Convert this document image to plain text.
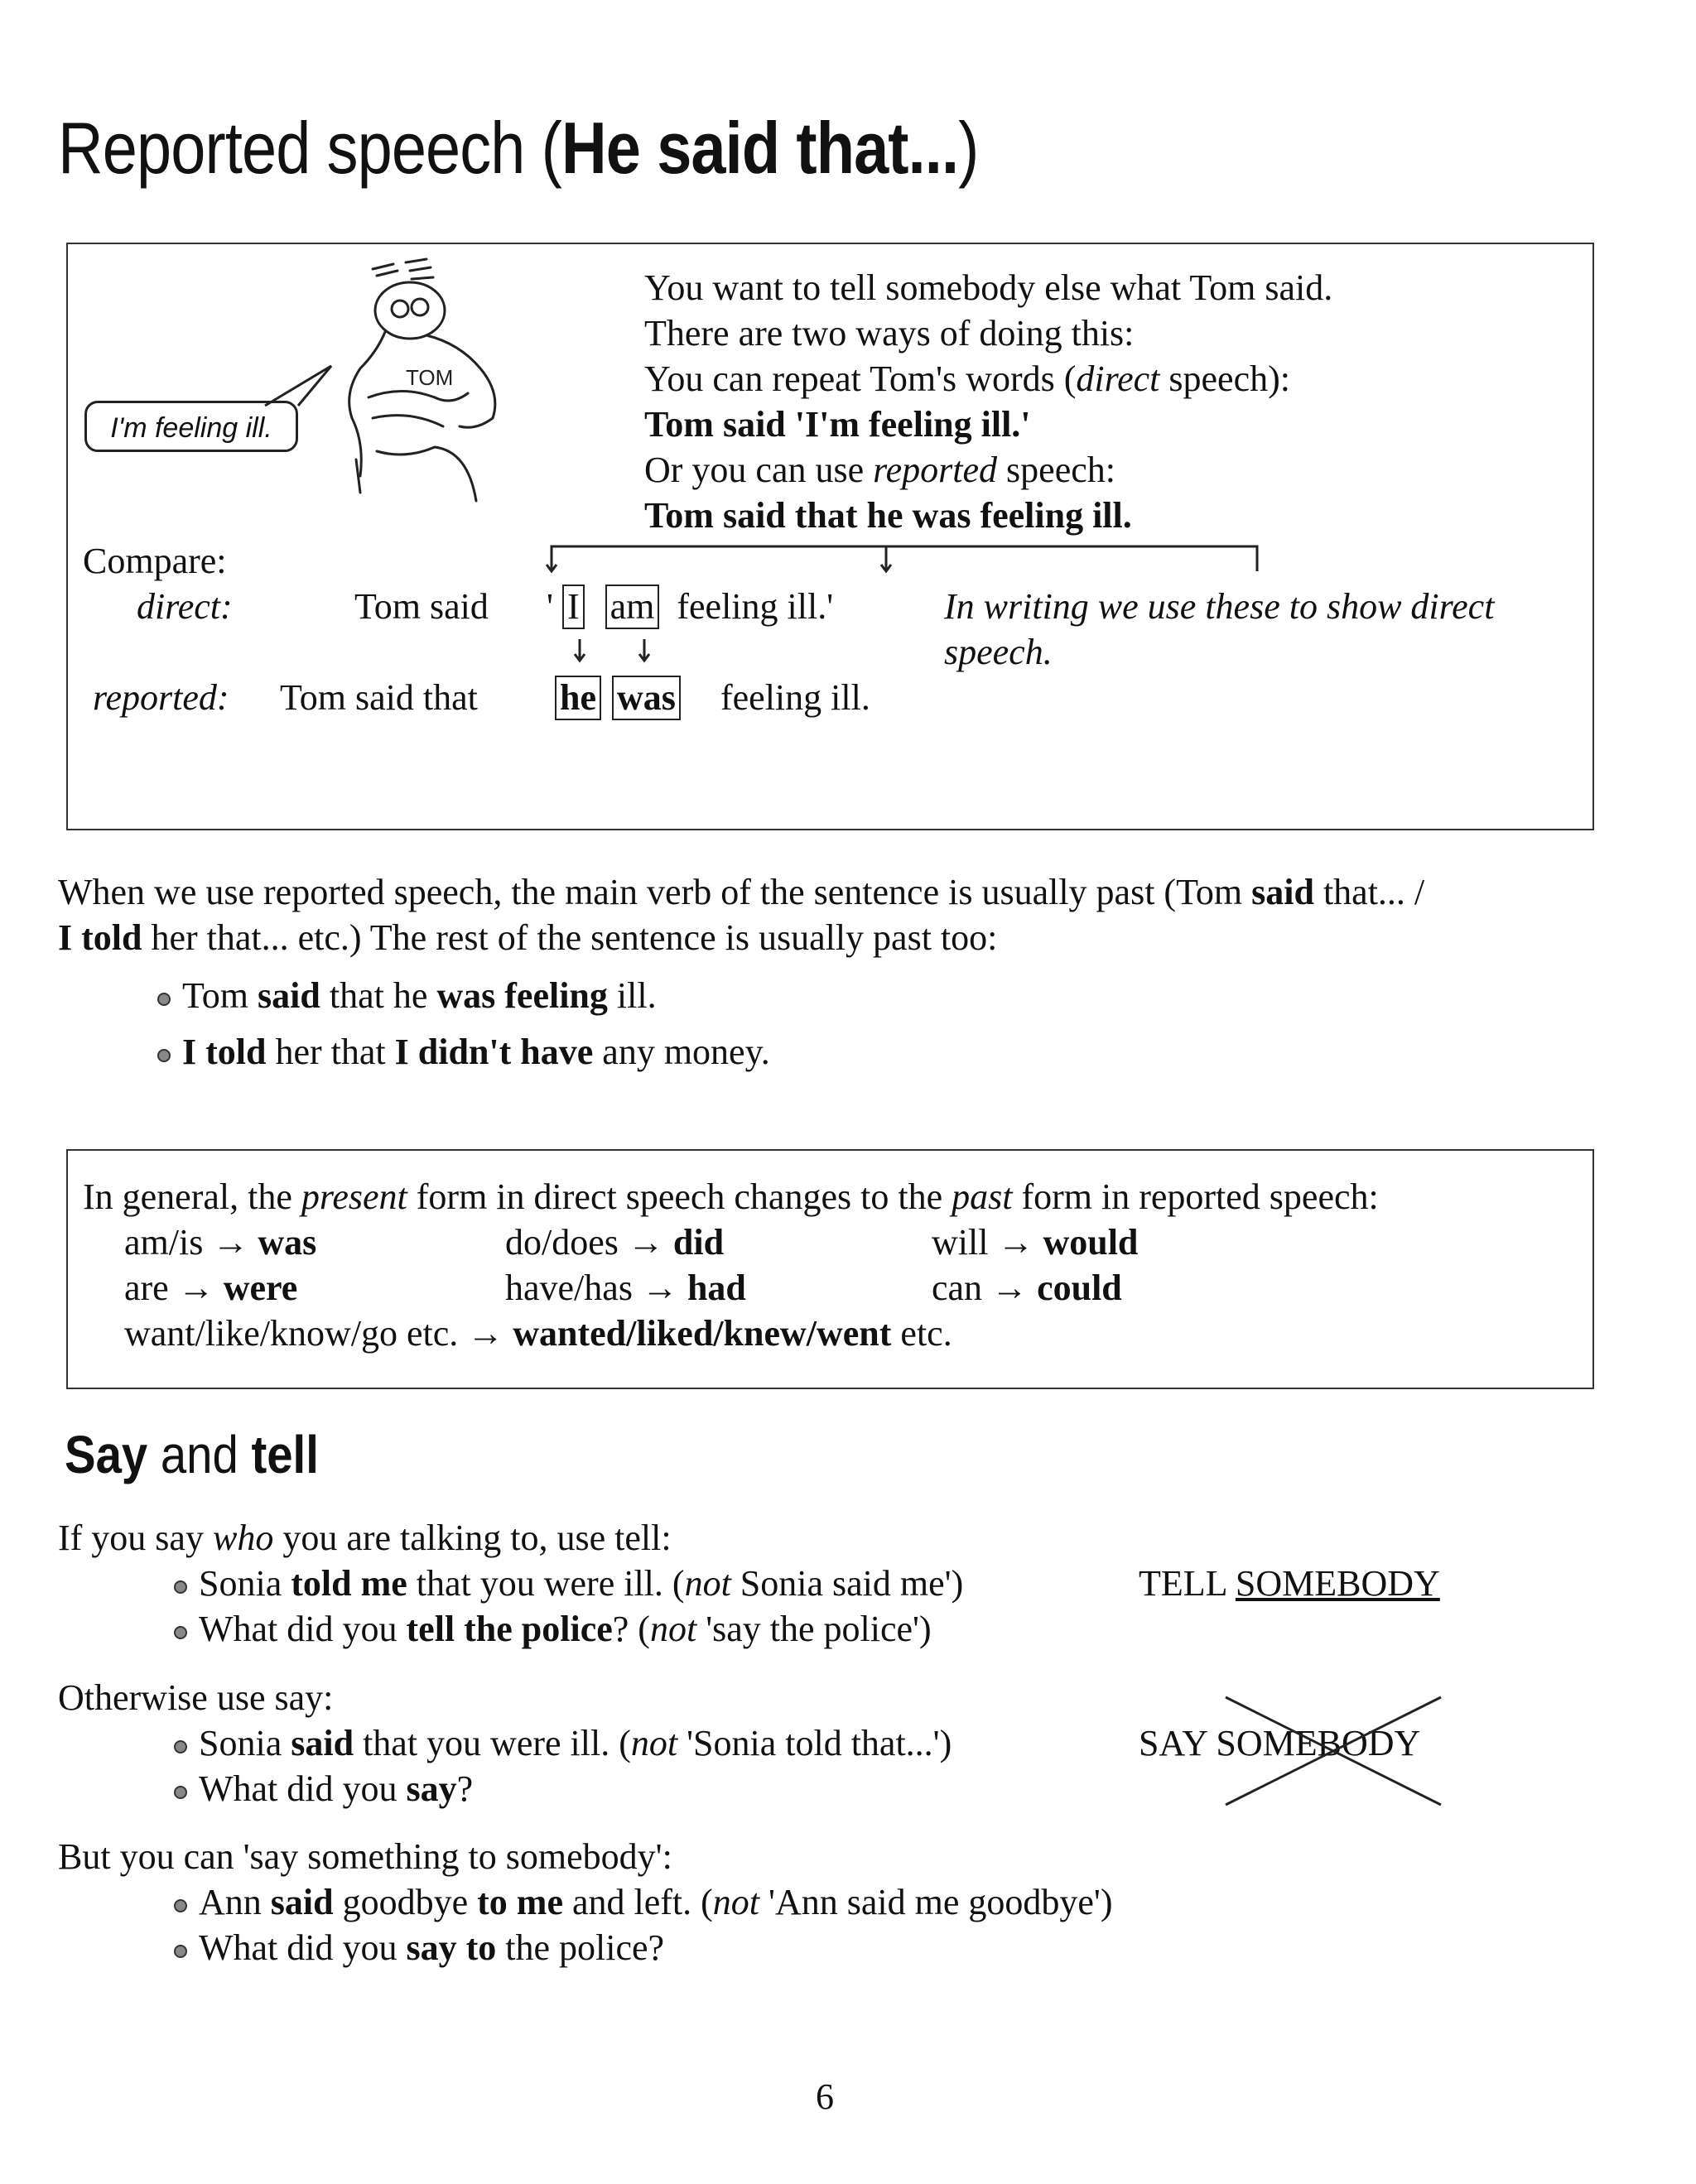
Reported speech (He said that...)
TOM
I'm feeling ill.
You want to tell somebody else what Tom said.
There are two ways of doing this:
You can repeat Tom's words (direct speech):
Tom said 'I'm feeling ill.'
Or you can use reported speech:
Tom said that he was feeling ill.
Compare:
direct:	Tom said ' I am feeling ill.'	In writing we use these to show direct
speech.
reported: Tom said that he was feeling ill.
When we use reported speech, the main verb of the sentence is usually past (Tom said that... /
I told her that... etc.) The rest of the sentence is usually past too:
Tom said that he was feeling ill.
I told her that I didn't have any money.
In general, the present form in direct speech changes to the past form in reported speech:
am/is → was	do/does → did	will → would
are → were	have/has → had	can → could
want/like/know/go etc. → wanted/liked/knew/went etc.
Say and tell
If you say who you are talking to, use tell:
Sonia told me that you were ill. (not Sonia said me')
What did you tell the police? (not 'say the police')
TELL SOMEBODY
Otherwise use say:
Sonia said that you were ill. (not 'Sonia told that...')
What did you say?
SAY SOMEBODY
But you can 'say something to somebody':
Ann said goodbye to me and left. (not 'Ann said me goodbye')
What did you say to the police?
6
